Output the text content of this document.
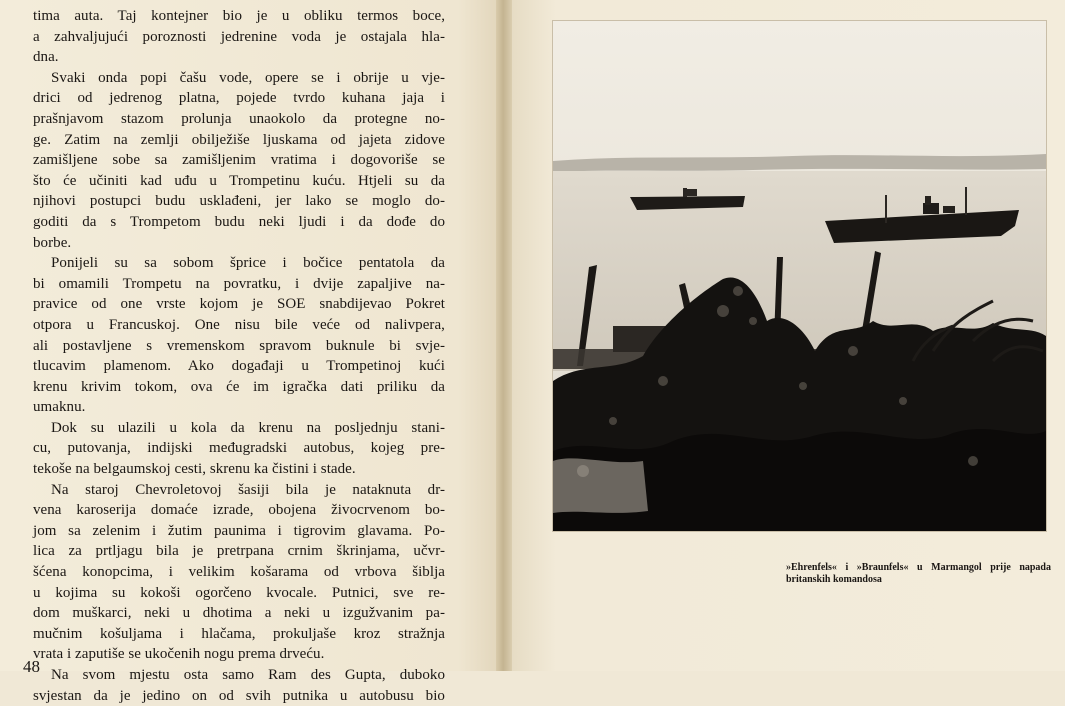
tima auta. Taj kontejner bio je u obliku termos boce,
a zahvaljujući poroznosti jedrenine voda je ostajala hla-
dna.
Svaki onda popi čašu vode, opere se i obrije u vje-
drici od jedrenog platna, pojede tvrdo kuhana jaja i
prašnjavom stazom prolunja unaokolo da protegne no-
ge. Zatim na zemlji obilježiše ljuskama od jajeta zidove
zamišljene sobe sa zamišljenim vratima i dogovoriše se
što će učiniti kad uđu u Trompetinu kuću. Htjeli su da
njihovi postupci budu usklađeni, jer lako se moglo do-
goditi da s Trompetom budu neki ljudi i da dođe do
borbe.
Ponijeli su sa sobom šprice i bočice pentatola da
bi omamili Trompetu na povratku, i dvije zapaljive na-
pravice od one vrste kojom je SOE snabdijevao Pokret
otpora u Francuskoj. One nisu bile veće od nalivpera,
ali postavljene s vremenskom spravom buknule bi svje-
tlucavim plamenom. Ako događaji u Trompetinoj kući
krenu krivim tokom, ova će im igračka dati priliku da
umaknu.
Dok su ulazili u kola da krenu na posljednju stani-
cu, putovanja, indijski međugradski autobus, kojeg pre-
tekoše na belgaumskoj cesti, skrenu ka čistini i stade.
Na staroj Chevroletovoj šasiji bila je nataknuta dr-
vena karoserija domaće izrade, obojena živocrvenom bo-
jom sa zelenim i žutim paunima i tigrovim glavama. Po-
lica za prtljagu bila je pretrpana crnim škrinjama, učvr-
šćena konopcima, i velikim košarama od vrbova šiblja
u kojima su kokoši ogorčeno kvocale. Putnici, sve re-
dom muškarci, neki u dhotima a neki u izgužvanim pa-
mučnim košuljama i hlačama, prokuljaše kroz stražnja
vrata i zaputiše se ukočenih nogu prema drveću.
Na svom mjestu osta samo Ram des Gupta, duboko
svjestan da je jedino on od svih putnika u autobusu bio
48
»Ehrenfels« i »Braunfels« u Marmangol prije napada britanskih komandosa
